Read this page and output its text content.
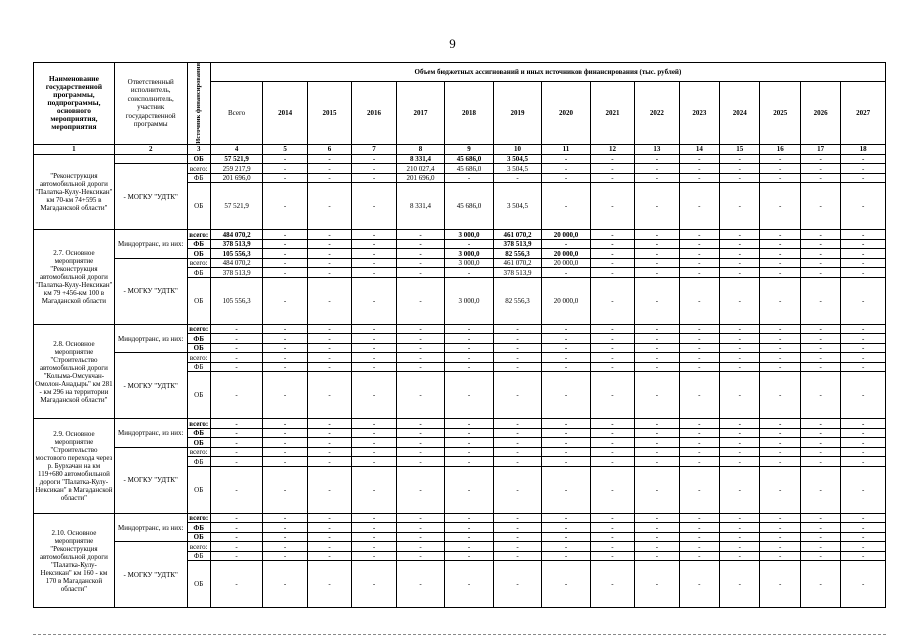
9
Наименование государственной программы, подпрограммы, основного мероприятия, мероприятия	Ответственный исполнитель, соисполнитель, участник государственной программы	Источник финансирования	Объем бюджетных ассигнований и иных источников финансирования (тыс. рублей)														
			Всего	2014	2015	2016	2017	2018	2019	2020	2021	2022	2023	2024	2025	2026	2027
1	2	3	4	5	6	7	8	9	10	11	12	13	14	15	16	17	18
"Реконструкция автомобильной дороги "Палатка-Кулу-Нексикан" км 70-км 74+595 в Магаданской области"		ОБ	57 521,9	-	-	-	8 331,4	45 686,0	3 504,5	-	-	-	-	-	-	-	-
	- МОГКУ "УДТК"	всего:	259 217,9	-	-	-	210 027,4	45 686,0	3 504,5	-	-	-	-	-	-	-	-
		ФБ	201 696,0	-	-	-	201 696,0	-	-	-	-	-	-	-	-	-	-
		ОБ	57 521,9	-	-	-	8 331,4	45 686,0	3 504,5	-	-	-	-	-	-	-	-
2.7. Основное мероприятие "Реконструкция автомобильной дороги "Палатка-Кулу-Нексикан" км 79 +456-км 100 в Магаданской области	Миндортранс, из них:	всего:	484 070,2	-	-	-	-	3 000,0	461 070,2	20 000,0	-	-	-	-	-	-	-
		ФБ	378 513,9	-	-	-	-	-	378 513,9	-	-	-	-	-	-	-	-
		ОБ	105 556,3	-	-	-	-	3 000,0	82 556,3	20 000,0	-	-	-	-	-	-	-
	- МОГКУ "УДТК"	всего:	484 070,2	-	-	-	-	3 000,0	461 070,2	20 000,0	-	-	-	-	-	-	-
		ФБ	378 513,9	-	-	-	-	-	378 513,9	-	-	-	-	-	-	-	-
		ОБ	105 556,3	-	-	-	-	3 000,0	82 556,3	20 000,0	-	-	-	-	-	-	-
2.8. Основное мероприятие "Строительство автомобильной дороги "Колыма-Омсукчан-Омолон-Анадырь" км 281 - км 296 на территории Магаданской области"	Миндортранс, из них:	всего:	-	-	-	-	-	-	-	-	-	-	-	-	-	-	-
		ФБ	-	-	-	-	-	-	-	-	-	-	-	-	-	-	-
		ОБ	-	-	-	-	-	-	-	-	-	-	-	-	-	-	-
	- МОГКУ "УДТК"	всего:	-	-	-	-	-	-	-	-	-	-	-	-	-	-	-
		ФБ	-	-	-	-	-	-	-	-	-	-	-	-	-	-	-
		ОБ	-	-	-	-	-	-	-	-	-	-	-	-	-	-	-
2.9. Основное мероприятие "Строительство мостового перехода через р. Бурхачан на км 119+680 автомобильной дороги "Палатка-Кулу-Нексикан" в Магаданской области"	Миндортранс, из них:	всего:	-	-	-	-	-	-	-	-	-	-	-	-	-	-	-
		ФБ	-	-	-	-	-	-	-	-	-	-	-	-	-	-	-
		ОБ	-	-	-	-	-	-	-	-	-	-	-	-	-	-	-
	- МОГКУ "УДТК"	всего:	-	-	-	-	-	-	-	-	-	-	-	-	-	-	-
		ФБ	-	-	-	-	-	-	-	-	-	-	-	-	-	-	-
		ОБ	-	-	-	-	-	-	-	-	-	-	-	-	-	-	-
2.10. Основное мероприятие "Реконструкция автомобильной дороги "Палатка-Кулу- Нексикан" км 160 - км 170 в Магаданской области"	Миндортранс, из них:	всего:	-	-	-	-	-	-	-	-	-	-	-	-	-	-	-
		ФБ	-	-	-	-	-	-	-	-	-	-	-	-	-	-	-
		ОБ	-	-	-	-	-	-	-	-	-	-	-	-	-	-	-
	- МОГКУ "УДТК"	всего:	-	-	-	-	-	-	-	-	-	-	-	-	-	-	-
		ФБ	-	-	-	-	-	-	-	-	-	-	-	-	-	-	-
		ОБ	-	-	-	-	-	-	-	-	-	-	-	-	-	-	-
